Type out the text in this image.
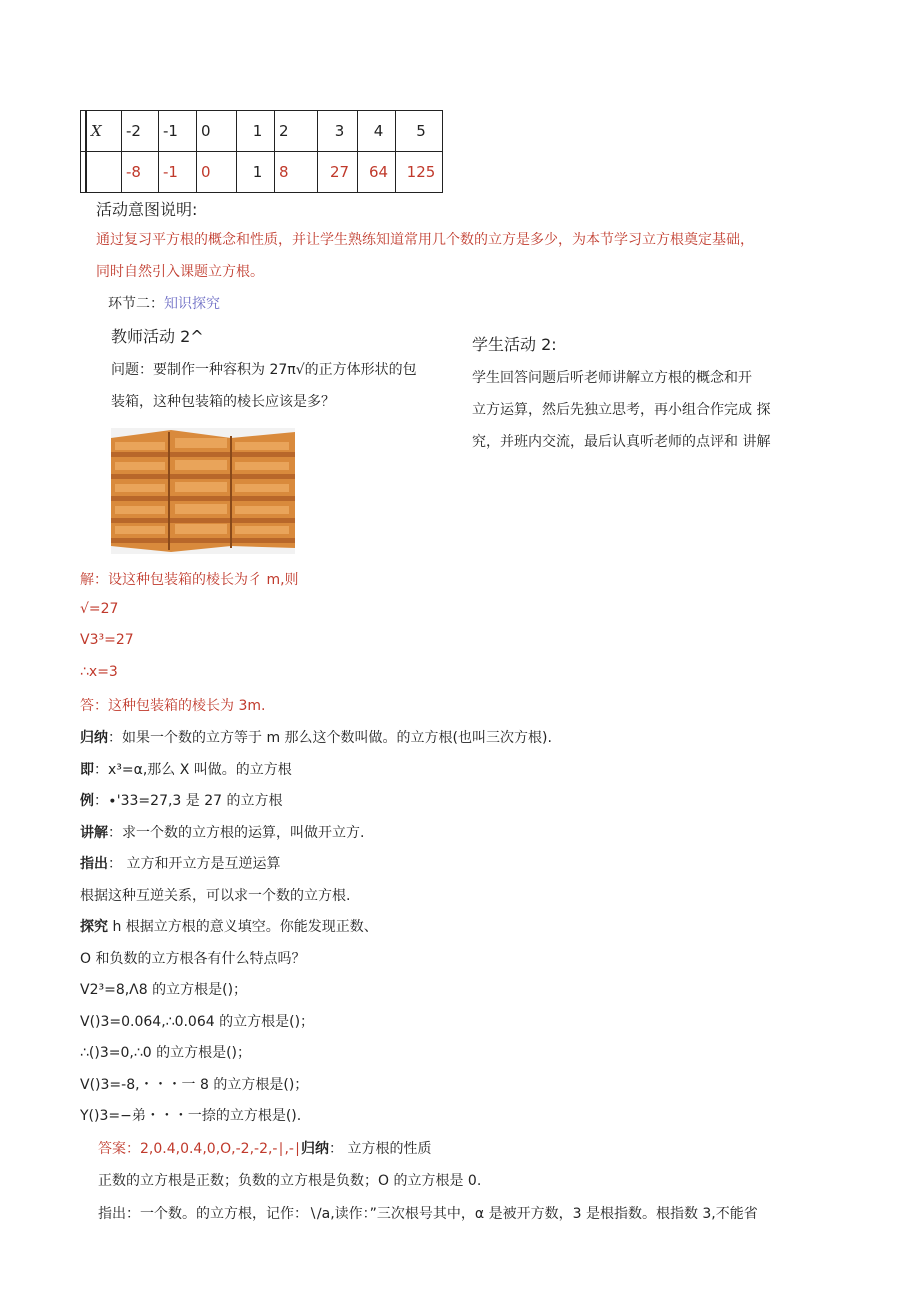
	X	-2	-1	0	1	2	3	4	5
		-8	-1	0	1	8	27	64	125
活动意图说明:
通过复习平方根的概念和性质，并让学生熟练知道常用几个数的立方是多少，为本节学习立方根奠定基础，
同时自然引入课题立方根。
环节二：知识探究
教师活动 2^
问题：要制作一种容积为 27π√的正方体形状的包
装箱，这种包装箱的棱长应该是多？
学生活动 2:
学生回答问题后听老师讲解立方根的概念和开
立方运算，然后先独立思考，再小组合作完成 探
究，并班内交流，最后认真听老师的点评和 讲解
解：设这种包装箱的棱长为彳 m,则
√=27
V3³=27
∴x=3
答：这种包装箱的棱长为 3m.
归纳：如果一个数的立方等于 m 那么这个数叫做。的立方根(也叫三次方根).
即：x³=α,那么 X 叫做。的立方根
例：∙'33=27,3 是 27 的立方根
讲解：求一个数的立方根的运算，叫做开立方.
指出： 立方和开立方是互逆运算
根据这种互逆关系，可以求一个数的立方根.
探究 h 根据立方根的意义填空。你能发现正数、
O 和负数的立方根各有什么特点吗？
V2³=8,Λ8 的立方根是()；
V()3=0.064,∴0.064 的立方根是()；
∴()3=0,∴0 的立方根是()；
V()3=-8,・・・一 8 的立方根是()；
Y()3=−弟・・・一捺的立方根是().
答案：2,0.4,0.4,0,O,-2,-2,-∣,-∣归纳： 立方根的性质
正数的立方根是正数；负数的立方根是负数；O 的立方根是 0.
指出：一个数。的立方根，记作：∖∕a,读作：”三次根号其中，α 是被开方数，3 是根指数。根指数 3,不能省
